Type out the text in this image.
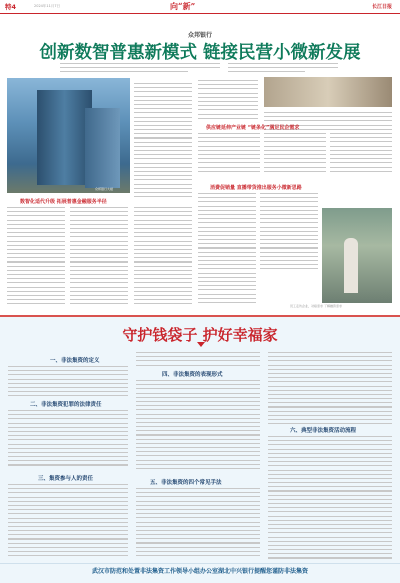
特4	2024年11月7日	向“新”	长江日报
众邦银行
创新数智普惠新模式 链接民营小微新发展
众邦银行大楼
供应链延伸产业链 “链条化”满足民企需求
数智化适代升级 拓展普惠金融服务半径
消费促销量 直播带货推出服务小微新思路
员工走访企业，对接需求 了解融资需求
守护钱袋子 护好幸福家
一、非法集资的定义
二、非法集资犯罪的法律责任
三、集资参与人的责任
四、非法集资的表现形式
五、非法集资的四个常见手法
六、典型非法集资活动流程
武汉市防范和处置非法集资工作领导小组办公室湖北中兴银行提醒您谨防非法集资
